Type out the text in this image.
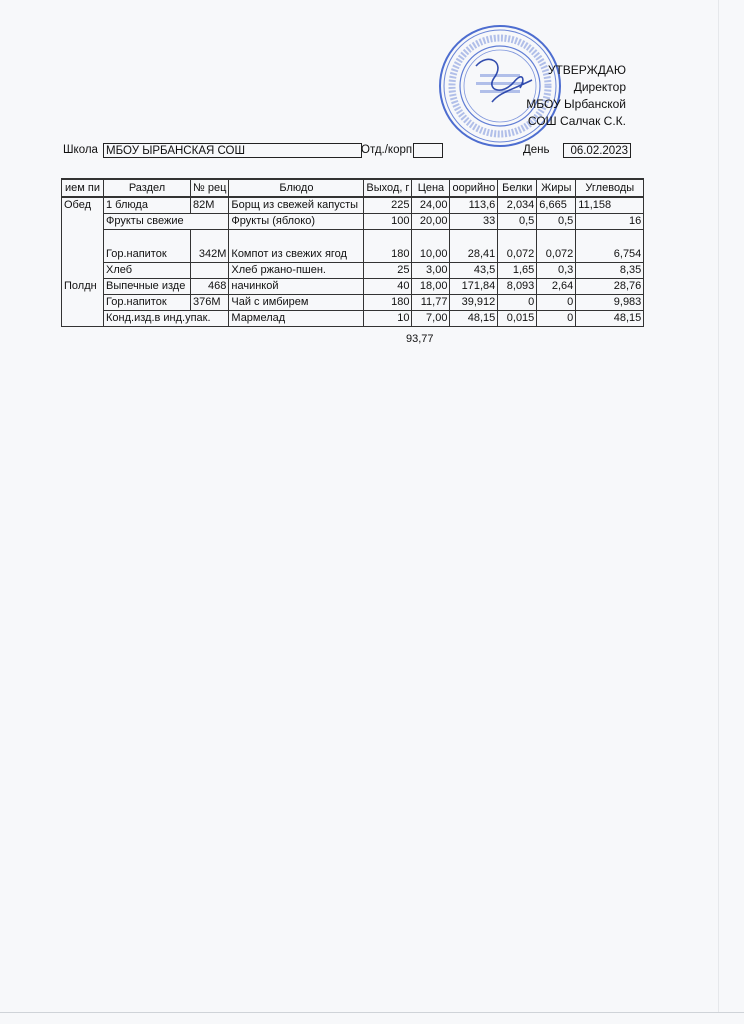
УТВЕРЖДАЮ
Директор
МБОУ Ырбанской
СОШ Салчак С.К.
Школа МБОУ ЫРБАНСКАЯ СОШ	Отд./корп	День	06.02.2023
ием пи	Раздел	№ рец	Блюдо	Выход, г	Цена	оорийно	Белки	Жиры	Углеводы
Обед	1 блюда	82М	Борщ из свежей капусты	225	24,00	113,6	2,034	6,665	11,158
	Фрукты свежие		Фрукты (яблоко)	100	20,00	33	0,5	0,5	16
	Гор.напиток	342М	Компот из свежих ягод	180	10,00	28,41	0,072	0,072	6,754
	Хлеб		Хлеб ржано-пшен.	25	3,00	43,5	1,65	0,3	8,35
Полдн	Выпечные изде	468	начинкой	40	18,00	171,84	8,093	2,64	28,76
	Гор.напиток	376М	Чай с имбирем	180	11,77	39,912	0	0	9,983
	Конд.изд.в инд.упак.		Мармелад	10	7,00	48,15	0,015	0	48,15
93,77
